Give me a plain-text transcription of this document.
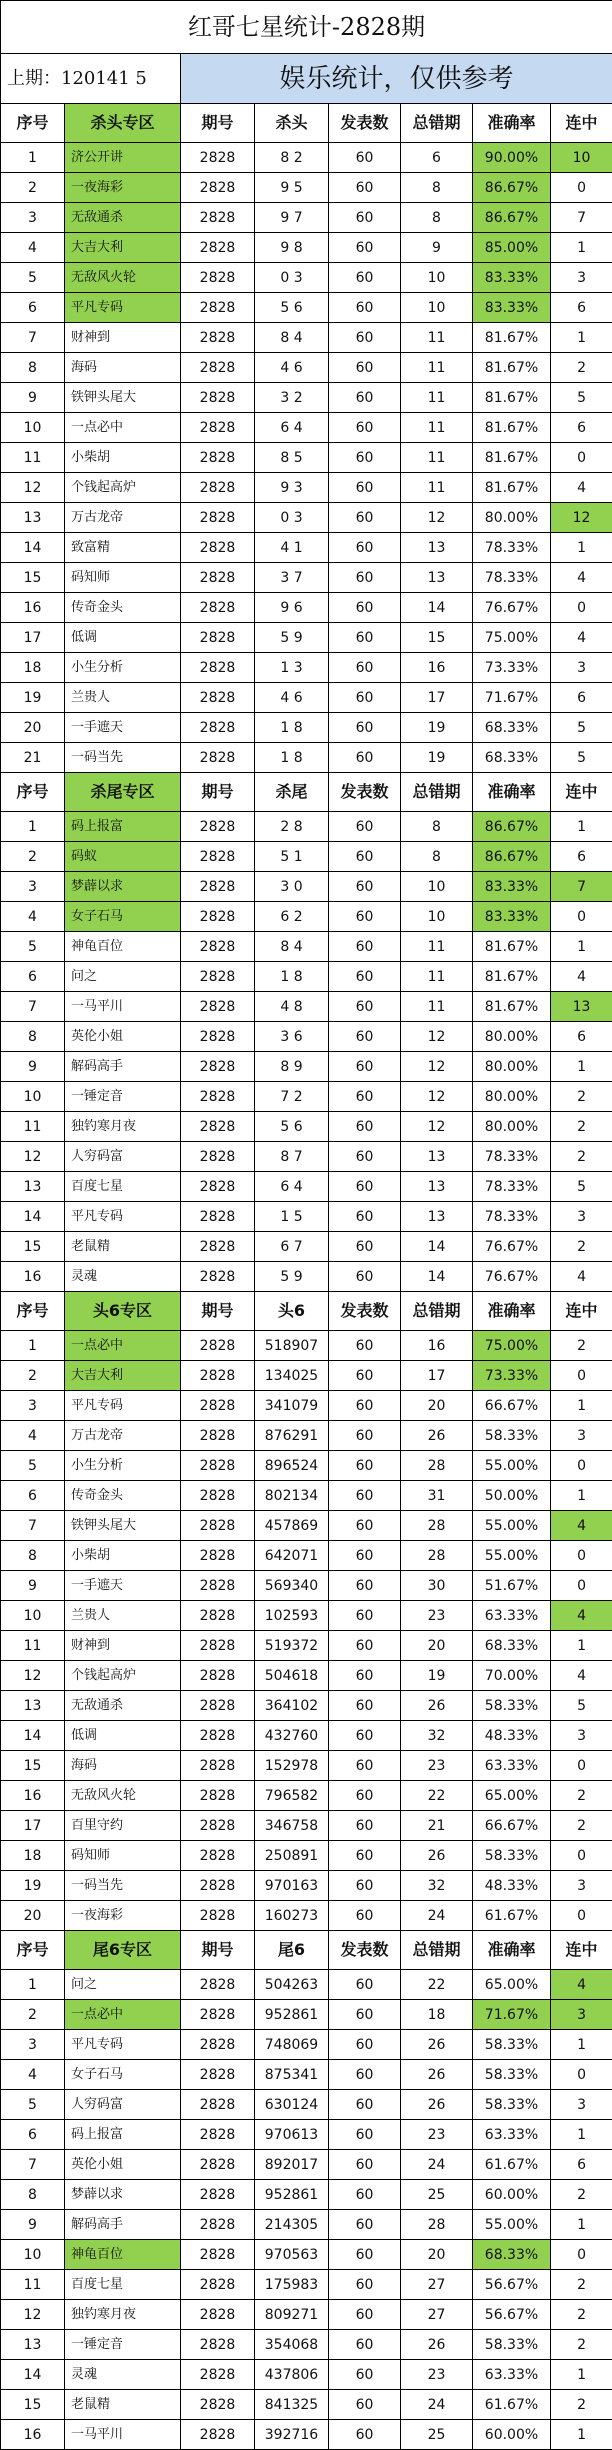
红哥七星统计-2828期							
上期：120141 5		娱乐统计，仅供参考					
序号	杀头专区	期号	杀头	发表数	总错期	准确率	连中
1	济公开讲	2828	8 2	60	6	90.00%	10
2	一夜海彩	2828	9 5	60	8	86.67%	0
3	无敌通杀	2828	9 7	60	8	86.67%	7
4	大吉大利	2828	9 8	60	9	85.00%	1
5	无敌风火轮	2828	0 3	60	10	83.33%	3
6	平凡专码	2828	5 6	60	10	83.33%	6
7	财神到	2828	8 4	60	11	81.67%	1
8	海码	2828	4 6	60	11	81.67%	2
9	铁钾头尾大	2828	3 2	60	11	81.67%	5
10	一点必中	2828	6 4	60	11	81.67%	6
11	小柴胡	2828	8 5	60	11	81.67%	0
12	个钱起高炉	2828	9 3	60	11	81.67%	4
13	万古龙帝	2828	0 3	60	12	80.00%	12
14	致富精	2828	4 1	60	13	78.33%	1
15	码知师	2828	3 7	60	13	78.33%	4
16	传奇金头	2828	9 6	60	14	76.67%	0
17	低调	2828	5 9	60	15	75.00%	4
18	小生分析	2828	1 3	60	16	73.33%	3
19	兰贵人	2828	4 6	60	17	71.67%	6
20	一手遮天	2828	1 8	60	19	68.33%	5
21	一码当先	2828	1 8	60	19	68.33%	5
序号	杀尾专区	期号	杀尾	发表数	总错期	准确率	连中
1	码上报富	2828	2 8	60	8	86.67%	1
2	码蚁	2828	5 1	60	8	86.67%	6
3	梦薜以求	2828	3 0	60	10	83.33%	7
4	女子石马	2828	6 2	60	10	83.33%	0
5	神龟百位	2828	8 4	60	11	81.67%	1
6	问之	2828	1 8	60	11	81.67%	4
7	一马平川	2828	4 8	60	11	81.67%	13
8	英伦小姐	2828	3 6	60	12	80.00%	6
9	解码高手	2828	8 9	60	12	80.00%	1
10	一锤定音	2828	7 2	60	12	80.00%	2
11	独钓寒月夜	2828	5 6	60	12	80.00%	2
12	人穷码富	2828	8 7	60	13	78.33%	2
13	百度七星	2828	6 4	60	13	78.33%	5
14	平凡专码	2828	1 5	60	13	78.33%	3
15	老鼠精	2828	6 7	60	14	76.67%	2
16	灵魂	2828	5 9	60	14	76.67%	4
序号	头6专区	期号	头6	发表数	总错期	准确率	连中
1	一点必中	2828	518907	60	16	75.00%	2
2	大吉大利	2828	134025	60	17	73.33%	0
3	平凡专码	2828	341079	60	20	66.67%	1
4	万古龙帝	2828	876291	60	26	58.33%	3
5	小生分析	2828	896524	60	28	55.00%	0
6	传奇金头	2828	802134	60	31	50.00%	1
7	铁钾头尾大	2828	457869	60	28	55.00%	4
8	小柴胡	2828	642071	60	28	55.00%	0
9	一手遮天	2828	569340	60	30	51.67%	0
10	兰贵人	2828	102593	60	23	63.33%	4
11	财神到	2828	519372	60	20	68.33%	1
12	个钱起高炉	2828	504618	60	19	70.00%	4
13	无敌通杀	2828	364102	60	26	58.33%	5
14	低调	2828	432760	60	32	48.33%	3
15	海码	2828	152978	60	23	63.33%	0
16	无敌风火轮	2828	796582	60	22	65.00%	2
17	百里守约	2828	346758	60	21	66.67%	2
18	码知师	2828	250891	60	26	58.33%	0
19	一码当先	2828	970163	60	32	48.33%	3
20	一夜海彩	2828	160273	60	24	61.67%	0
序号	尾6专区	期号	尾6	发表数	总错期	准确率	连中
1	问之	2828	504263	60	22	65.00%	4
2	一点必中	2828	952861	60	18	71.67%	3
3	平凡专码	2828	748069	60	26	58.33%	1
4	女子石马	2828	875341	60	26	58.33%	0
5	人穷码富	2828	630124	60	26	58.33%	3
6	码上报富	2828	970613	60	23	63.33%	1
7	英伦小姐	2828	892017	60	24	61.67%	6
8	梦薜以求	2828	952861	60	25	60.00%	2
9	解码高手	2828	214305	60	28	55.00%	1
10	神龟百位	2828	970563	60	20	68.33%	0
11	百度七星	2828	175983	60	27	56.67%	2
12	独钓寒月夜	2828	809271	60	27	56.67%	2
13	一锤定音	2828	354068	60	26	58.33%	2
14	灵魂	2828	437806	60	23	63.33%	1
15	老鼠精	2828	841325	60	24	61.67%	2
16	一马平川	2828	392716	60	25	60.00%	1
